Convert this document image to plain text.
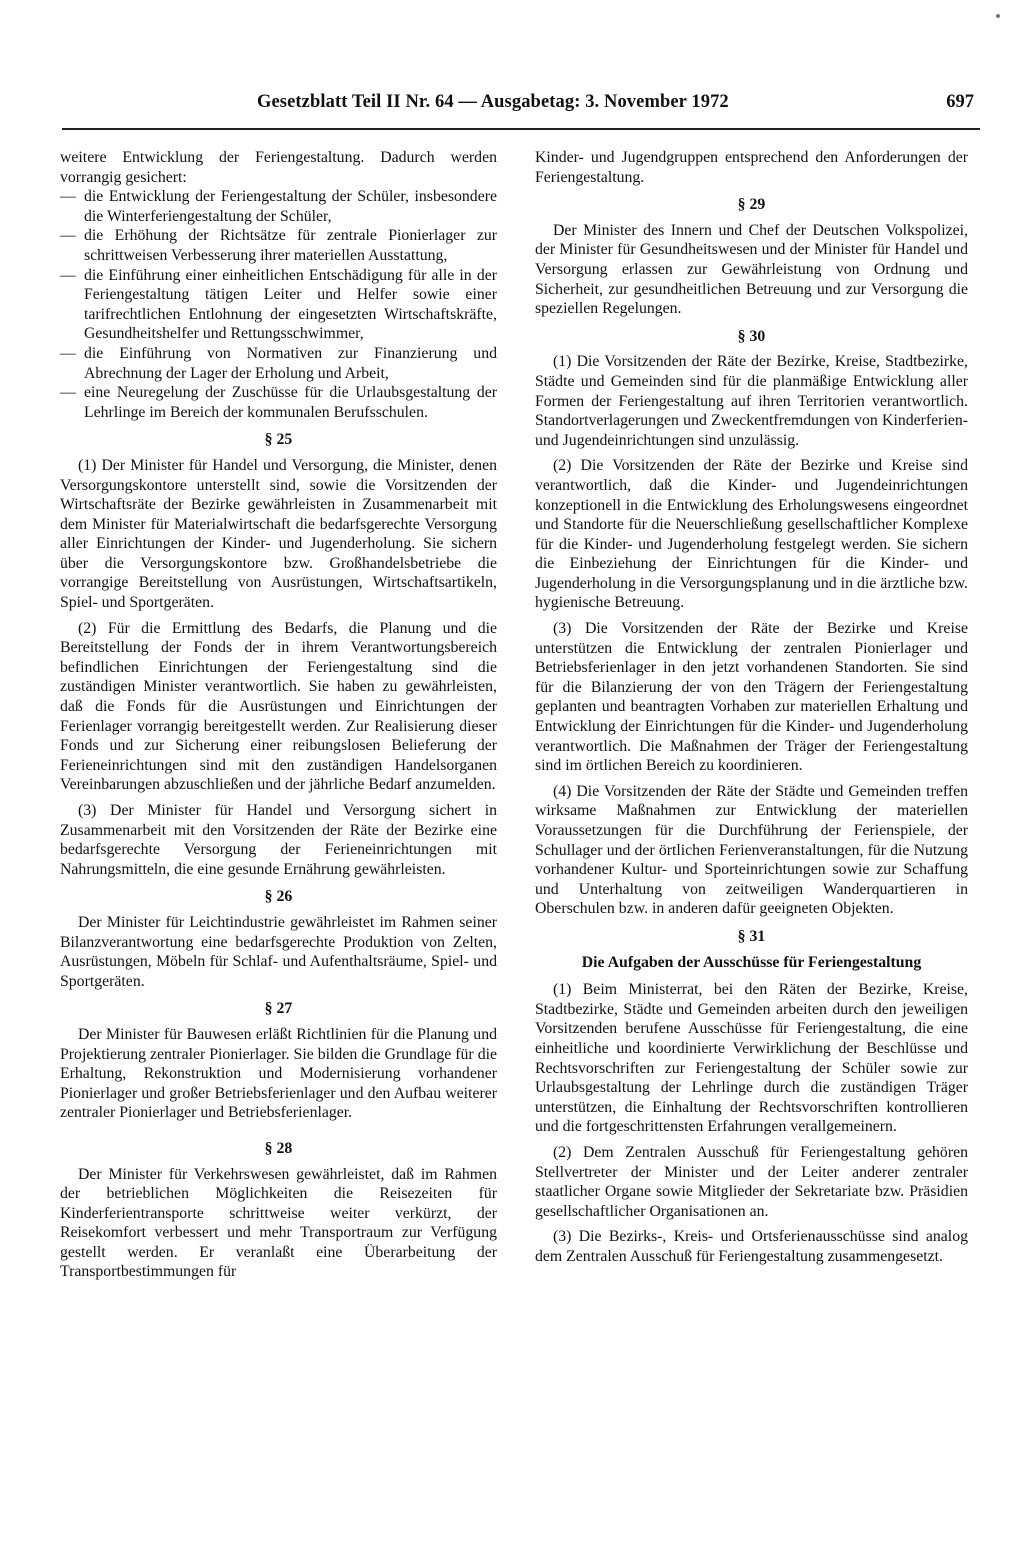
Gesetzblatt Teil II Nr. 64 — Ausgabetag: 3. November 1972	697

weitere Entwicklung der Feriengestaltung. Dadurch werden vorrangig gesichert:

— die Entwicklung der Feriengestaltung der Schüler, insbesondere die Winterferiengestaltung der Schüler,
— die Erhöhung der Richtsätze für zentrale Pionierlager zur schrittweisen Verbesserung ihrer materiellen Ausstattung,
— die Einführung einer einheitlichen Entschädigung für alle in der Feriengestaltung tätigen Leiter und Helfer sowie einer tarifrechtlichen Entlohnung der eingesetzten Wirtschaftskräfte, Gesundheitshelfer und Rettungsschwimmer,
— die Einführung von Normativen zur Finanzierung und Abrechnung der Lager der Erholung und Arbeit,
— eine Neuregelung der Zuschüsse für die Urlaubsgestaltung der Lehrlinge im Bereich der kommunalen Berufsschulen.
§ 25

(1) Der Minister für Handel und Versorgung, die Minister, denen Versorgungskontore unterstellt sind, sowie die Vorsitzenden der Wirtschaftsräte der Bezirke gewährleisten in Zusammenarbeit mit dem Minister für Materialwirtschaft die bedarfsgerechte Versorgung aller Einrichtungen der Kinder- und Jugenderholung. Sie sichern über die Versorgungskontore bzw. Großhandelsbetriebe die vorrangige Bereitstellung von Ausrüstungen, Wirtschaftsartikeln, Spiel- und Sportgeräten.

(2) Für die Ermittlung des Bedarfs, die Planung und die Bereitstellung der Fonds der in ihrem Verantwortungsbereich befindlichen Einrichtungen der Feriengestaltung sind die zuständigen Minister verantwortlich. Sie haben zu gewährleisten, daß die Fonds für die Ausrüstungen und Einrichtungen der Ferienlager vorrangig bereitgestellt werden. Zur Realisierung dieser Fonds und zur Sicherung einer reibungslosen Belieferung der Ferieneinrichtungen sind mit den zuständigen Handelsorganen Vereinbarungen abzuschließen und der jährliche Bedarf anzumelden.

(3) Der Minister für Handel und Versorgung sichert in Zusammenarbeit mit den Vorsitzenden der Räte der Bezirke eine bedarfsgerechte Versorgung der Ferieneinrichtungen mit Nahrungsmitteln, die eine gesunde Ernährung gewährleisten.

§ 26

Der Minister für Leichtindustrie gewährleistet im Rahmen seiner Bilanzverantwortung eine bedarfsgerechte Produktion von Zelten, Ausrüstungen, Möbeln für Schlaf- und Aufenthaltsräume, Spiel- und Sportgeräten.

§ 27

Der Minister für Bauwesen erläßt Richtlinien für die Planung und Projektierung zentraler Pionierlager. Sie bilden die Grundlage für die Erhaltung, Rekonstruktion und Modernisierung vorhandener Pionierlager und großer Betriebsferienlager und den Aufbau weiterer zentraler Pionierlager und Betriebsferienlager.

§ 28

Der Minister für Verkehrswesen gewährleistet, daß im Rahmen der betrieblichen Möglichkeiten die Reisezeiten für Kinderferientransporte schrittweise weiter verkürzt, der Reisekomfort verbessert und mehr Transportraum zur Verfügung gestellt werden. Er veranlaßt eine Überarbeitung der Transportbestimmungen für

Kinder- und Jugendgruppen entsprechend den Anforderungen der Feriengestaltung.

§ 29

Der Minister des Innern und Chef der Deutschen Volkspolizei, der Minister für Gesundheitswesen und der Minister für Handel und Versorgung erlassen zur Gewährleistung von Ordnung und Sicherheit, zur gesundheitlichen Betreuung und zur Versorgung die speziellen Regelungen.

§ 30

(1) Die Vorsitzenden der Räte der Bezirke, Kreise, Stadtbezirke, Städte und Gemeinden sind für die planmäßige Entwicklung aller Formen der Feriengestaltung auf ihren Territorien verantwortlich. Standortverlagerungen und Zweckentfremdungen von Kinderferien- und Jugendeinrichtungen sind unzulässig.

(2) Die Vorsitzenden der Räte der Bezirke und Kreise sind verantwortlich, daß die Kinder- und Jugendeinrichtungen konzeptionell in die Entwicklung des Erholungswesens eingeordnet und Standorte für die Neuerschließung gesellschaftlicher Komplexe für die Kinder- und Jugenderholung festgelegt werden. Sie sichern die Einbeziehung der Einrichtungen für die Kinder- und Jugenderholung in die Versorgungsplanung und in die ärztliche bzw. hygienische Betreuung.

(3) Die Vorsitzenden der Räte der Bezirke und Kreise unterstützen die Entwicklung der zentralen Pionierlager und Betriebsferienlager in den jetzt vorhandenen Standorten. Sie sind für die Bilanzierung der von den Trägern der Feriengestaltung geplanten und beantragten Vorhaben zur materiellen Erhaltung und Entwicklung der Einrichtungen für die Kinder- und Jugenderholung verantwortlich. Die Maßnahmen der Träger der Feriengestaltung sind im örtlichen Bereich zu koordinieren.

(4) Die Vorsitzenden der Räte der Städte und Gemeinden treffen wirksame Maßnahmen zur Entwicklung der materiellen Voraussetzungen für die Durchführung der Ferienspiele, der Schullager und der örtlichen Ferienveranstaltungen, für die Nutzung vorhandener Kultur- und Sporteinrichtungen sowie zur Schaffung und Unterhaltung von zeitweiligen Wanderquartieren in Oberschulen bzw. in anderen dafür geeigneten Objekten.

§ 31
Die Aufgaben der Ausschüsse für Feriengestaltung

(1) Beim Ministerrat, bei den Räten der Bezirke, Kreise, Stadtbezirke, Städte und Gemeinden arbeiten durch den jeweiligen Vorsitzenden berufene Ausschüsse für Feriengestaltung, die eine einheitliche und koordinierte Verwirklichung der Beschlüsse und Rechtsvorschriften zur Feriengestaltung der Schüler sowie zur Urlaubsgestaltung der Lehrlinge durch die zuständigen Träger unterstützen, die Einhaltung der Rechtsvorschriften kontrollieren und die fortgeschrittensten Erfahrungen verallgemeinern.

(2) Dem Zentralen Ausschuß für Feriengestaltung gehören Stellvertreter der Minister und der Leiter anderer zentraler staatlicher Organe sowie Mitglieder der Sekretariate bzw. Präsidien gesellschaftlicher Organisationen an.

(3) Die Bezirks-, Kreis- und Ortsferienausschüsse sind analog dem Zentralen Ausschuß für Feriengestaltung zusammengesetzt.
